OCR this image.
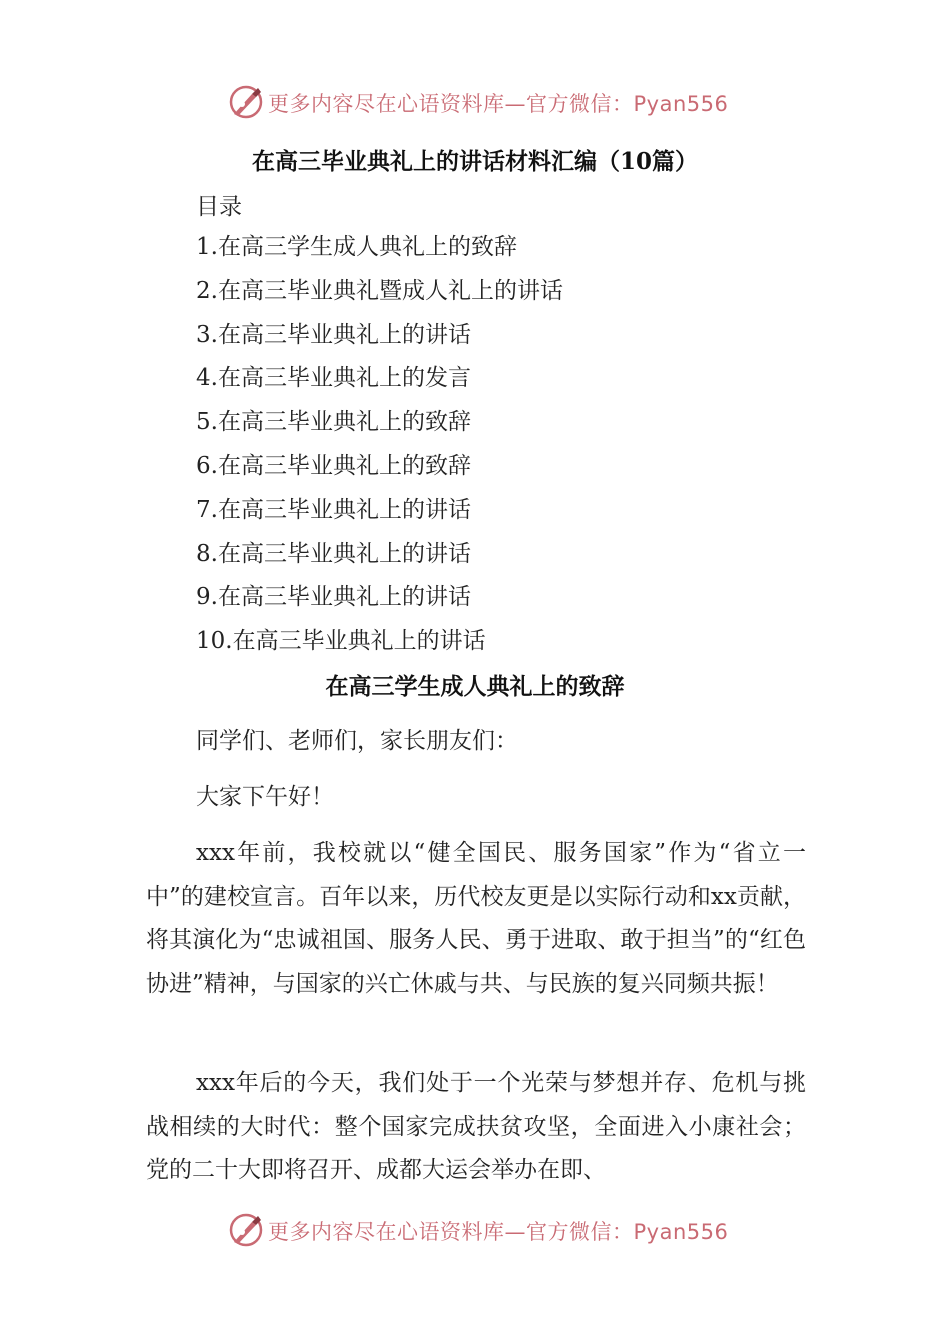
更多内容尽在心语资料库—官方微信：Pyan556
在高三毕业典礼上的讲话材料汇编（10篇）
目录
1.在高三学生成人典礼上的致辞
2.在高三毕业典礼暨成人礼上的讲话
3.在高三毕业典礼上的讲话
4.在高三毕业典礼上的发言
5.在高三毕业典礼上的致辞
6.在高三毕业典礼上的致辞
7.在高三毕业典礼上的讲话
8.在高三毕业典礼上的讲话
9.在高三毕业典礼上的讲话
10.在高三毕业典礼上的讲话
在高三学生成人典礼上的致辞

同学们、老师们，家长朋友们：

大家下午好！

xxx年前，我校就以“健全国民、服务国家”作为“省立一中”的建校宣言。百年以来，历代校友更是以实际行动和xx贡献，将其演化为“忠诚祖国、服务人民、勇于进取、敢于担当”的“红色协进”精神，与国家的兴亡休戚与共、与民族的复兴同频共振！

xxx年后的今天，我们处于一个光荣与梦想并存、危机与挑战相续的大时代：整个国家完成扶贫攻坚，全面进入小康社会；党的二十大即将召开、成都大运会举办在即、

更多内容尽在心语资料库—官方微信：Pyan556
